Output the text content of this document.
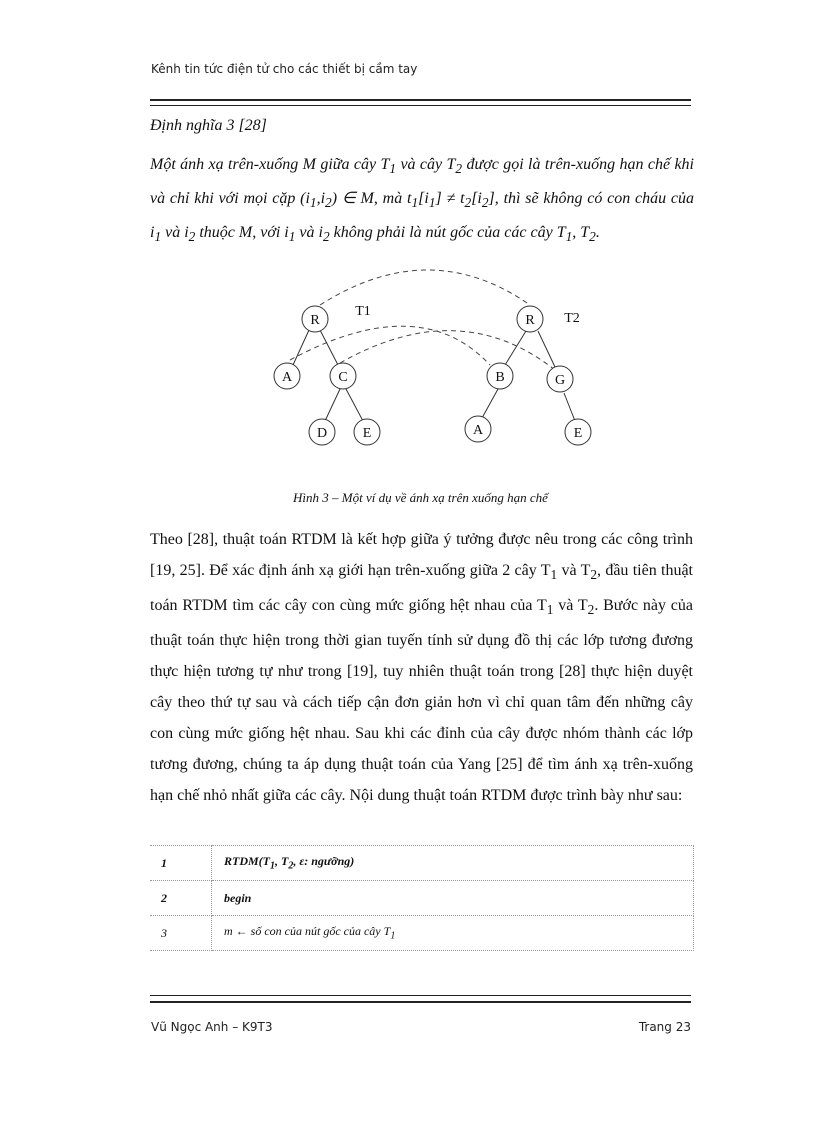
Kênh tin tức điện tử cho các thiết bị cầm tay
Định nghĩa 3 [28]
Một ánh xạ trên-xuống M giữa cây $T_1$ và cây $T_2$ được gọi là trên-xuống hạn chế khi và chỉ khi với mọi cặp $(i_1,i_2)$ ∈ M, mà $t_1[i_1] \ne t_2[i_2]$, thì sẽ không có con cháu của $i_1$ và $i_2$ thuộc M, với $i_1$ và $i_2$ không phải là nút gốc của các cây $T_1$, $T_2$.
R
A	C
D	E
R
B	G
A	E
T1	T2
Hình 3 – Một ví dụ về ánh xạ trên xuống hạn chế
Theo [28], thuật toán RTDM là kết hợp giữa ý tưởng được nêu trong các công trình [19, 25]. Để xác định ánh xạ giới hạn trên-xuống giữa 2 cây $T_1$ và $T_2$, đầu tiên thuật toán RTDM tìm các cây con cùng mức giống hệt nhau của $T_1$ và $T_2$. Bước này của thuật toán thực hiện trong thời gian tuyến tính sử dụng đồ thị các lớp tương đương thực hiện tương tự như trong [19], tuy nhiên thuật toán trong [28] thực hiện duyệt cây theo thứ tự sau và cách tiếp cận đơn giản hơn vì chỉ quan tâm đến những cây con cùng mức giống hệt nhau. Sau khi các đỉnh của cây được nhóm thành các lớp tương đương, chúng ta áp dụng thuật toán của Yang [25] để tìm ánh xạ trên-xuống hạn chế nhỏ nhất giữa các cây. Nội dung thuật toán RTDM được trình bày như sau:
1	$RTDM(T_1$, $T_2$, ε: ngưỡng)
2	begin
3	m ← số con của nút gốc của cây $T_1$
Vũ Ngọc Anh – K9T3	Trang 23
